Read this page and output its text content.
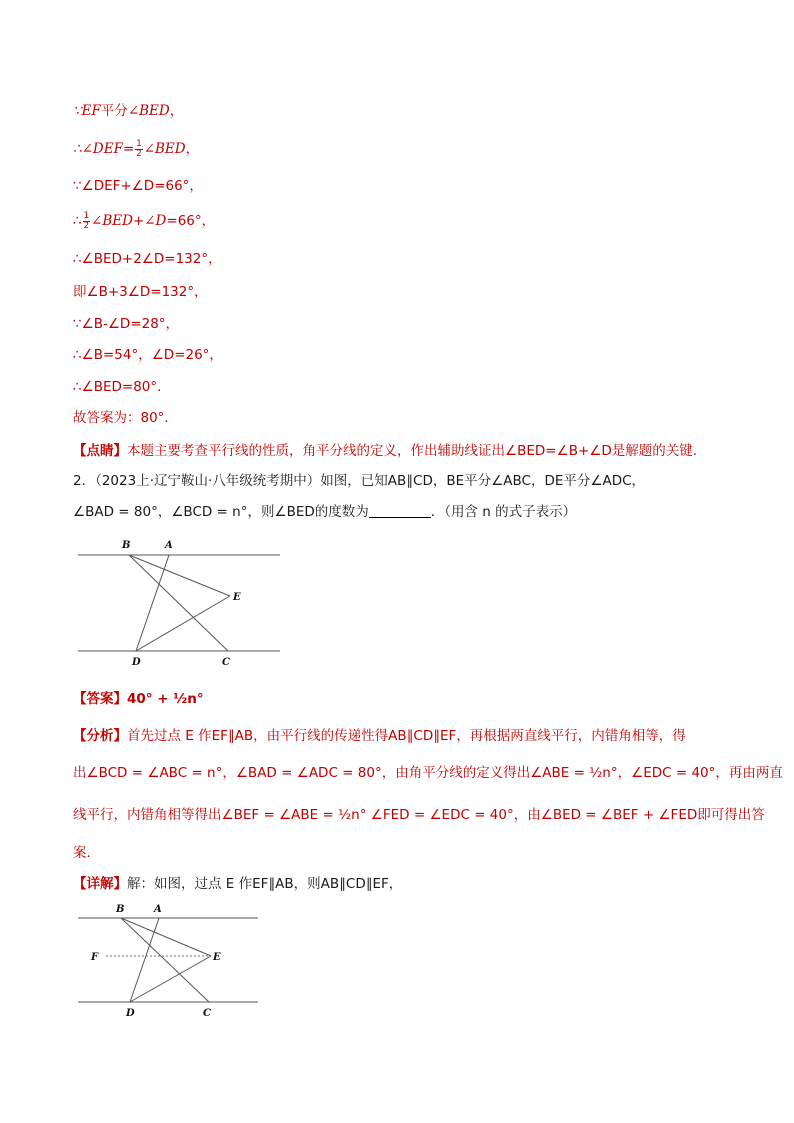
∵EF平分∠BED，
∴∠DEF= $\frac{1}{2}$ ∠BED，
∵∠DEF+∠D=66°，
∴ $\frac{1}{2}$ ∠BED+∠D=66°，
∴∠BED+2∠D=132°，
即∠B+3∠D=132°，
∵∠B-∠D=28°，
∴∠B=54°，∠D=26°，
∴∠BED=80°．
故答案为：80°．
【点睛】本题主要考查平行线的性质，角平分线的定义，作出辅助线证出∠BED=∠B+∠D是解题的关键．
2．（2023上·辽宁鞍山·八年级统考期中）如图，已知AB∥CD，BE平分∠ABC，DE平分∠ADC，
∠BAD = 80°，∠BCD = n°，则∠BED的度数为	．（用含 n 的式子表示）
B	A
E
D	C
【答案】40° + ½n°
【分析】首先过点 E 作EF∥AB，由平行线的传递性得AB∥CD∥EF，再根据两直线平行，内错角相等，得
出∠BCD = ∠ABC = n°，∠BAD = ∠ADC = 80°，由角平分线的定义得出∠ABE = ½n°，∠EDC = 40°，再由两直
线平行，内错角相等得出∠BEF = ∠ABE = ½n° ∠FED = ∠EDC = 40°，由∠BED = ∠BEF + ∠FED即可得出答
案．
【详解】解：如图，过点 E 作EF∥AB，则AB∥CD∥EF，
B	A
F	E
D	C
